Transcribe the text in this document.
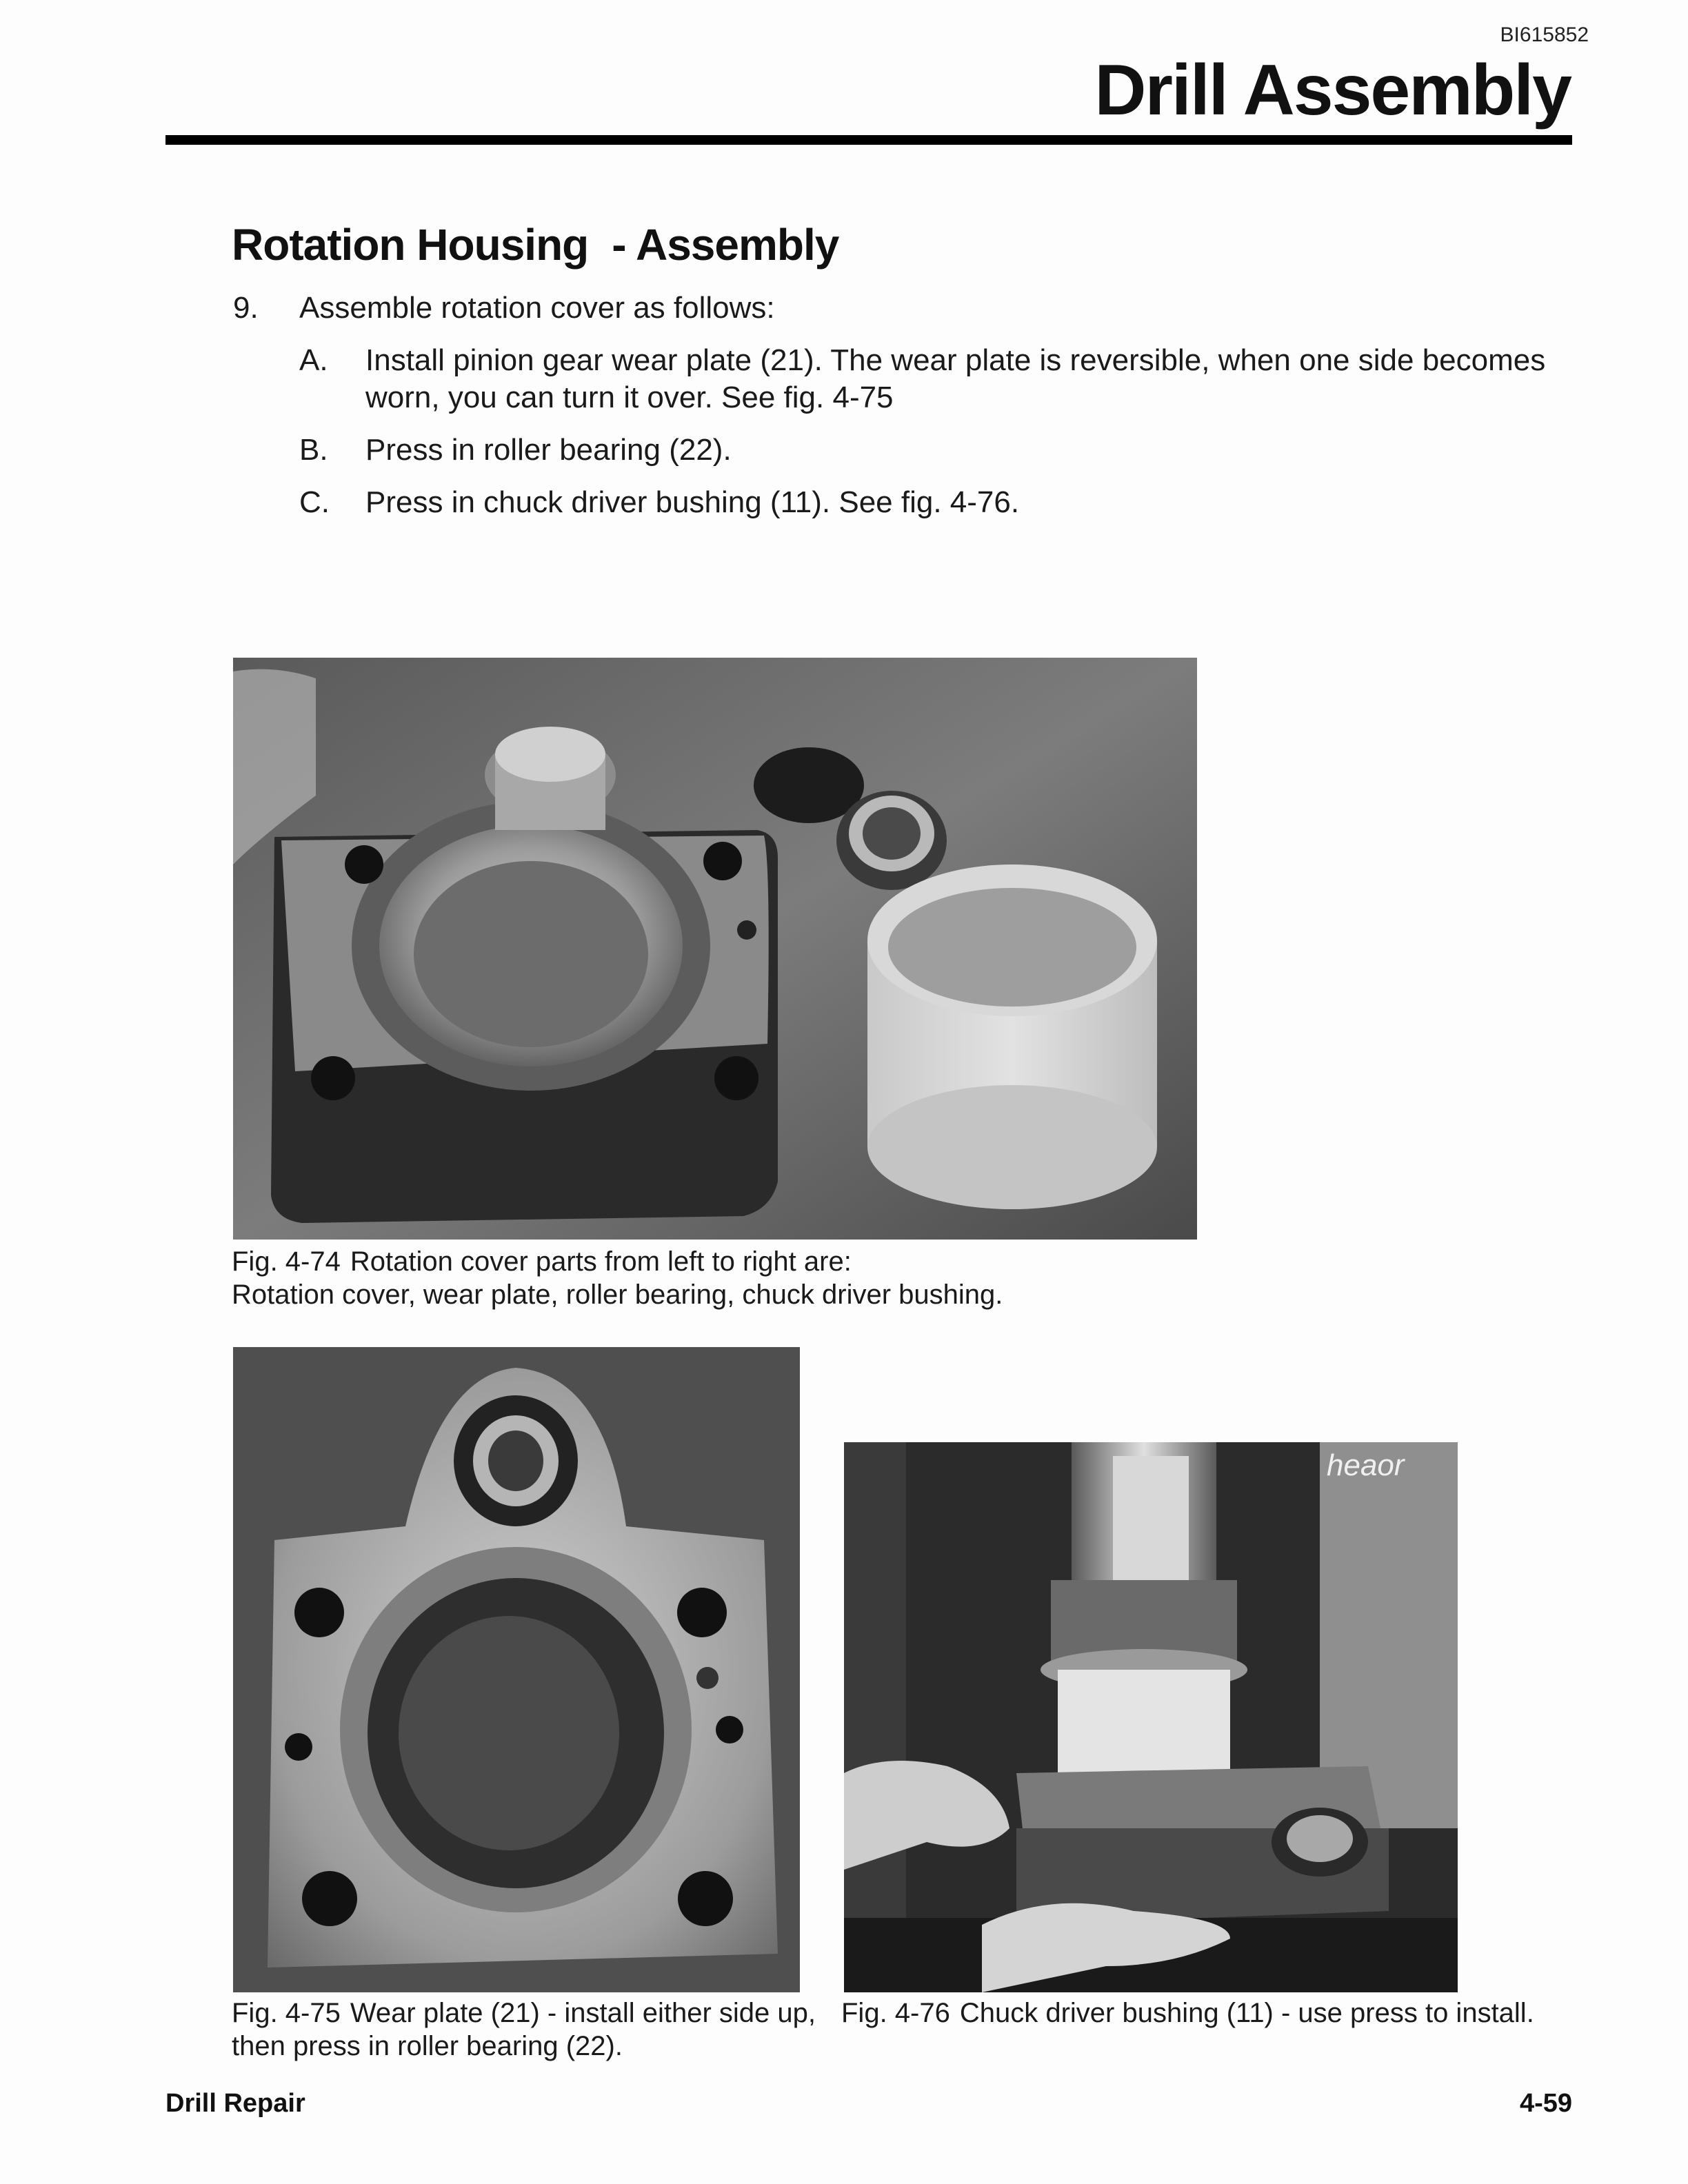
BI615852
Drill Assembly
Rotation Housing - Assembly
9. Assemble rotation cover as follows:
A. Install pinion gear wear plate (21). The wear plate is reversible, when one side becomes
worn, you can turn it over. See fig. 4-75
B. Press in roller bearing (22).
C. Press in chuck driver bushing (11). See fig. 4-76.
Fig. 4-74 Rotation cover parts from left to right are:
Rotation cover, wear plate, roller bearing, chuck driver bushing.
Fig. 4-75 Wear plate (21) - install either side up,
then press in roller bearing (22).
heaor
Fig. 4-76 Chuck driver bushing (11) - use press to install.
Drill Repair	4-59
